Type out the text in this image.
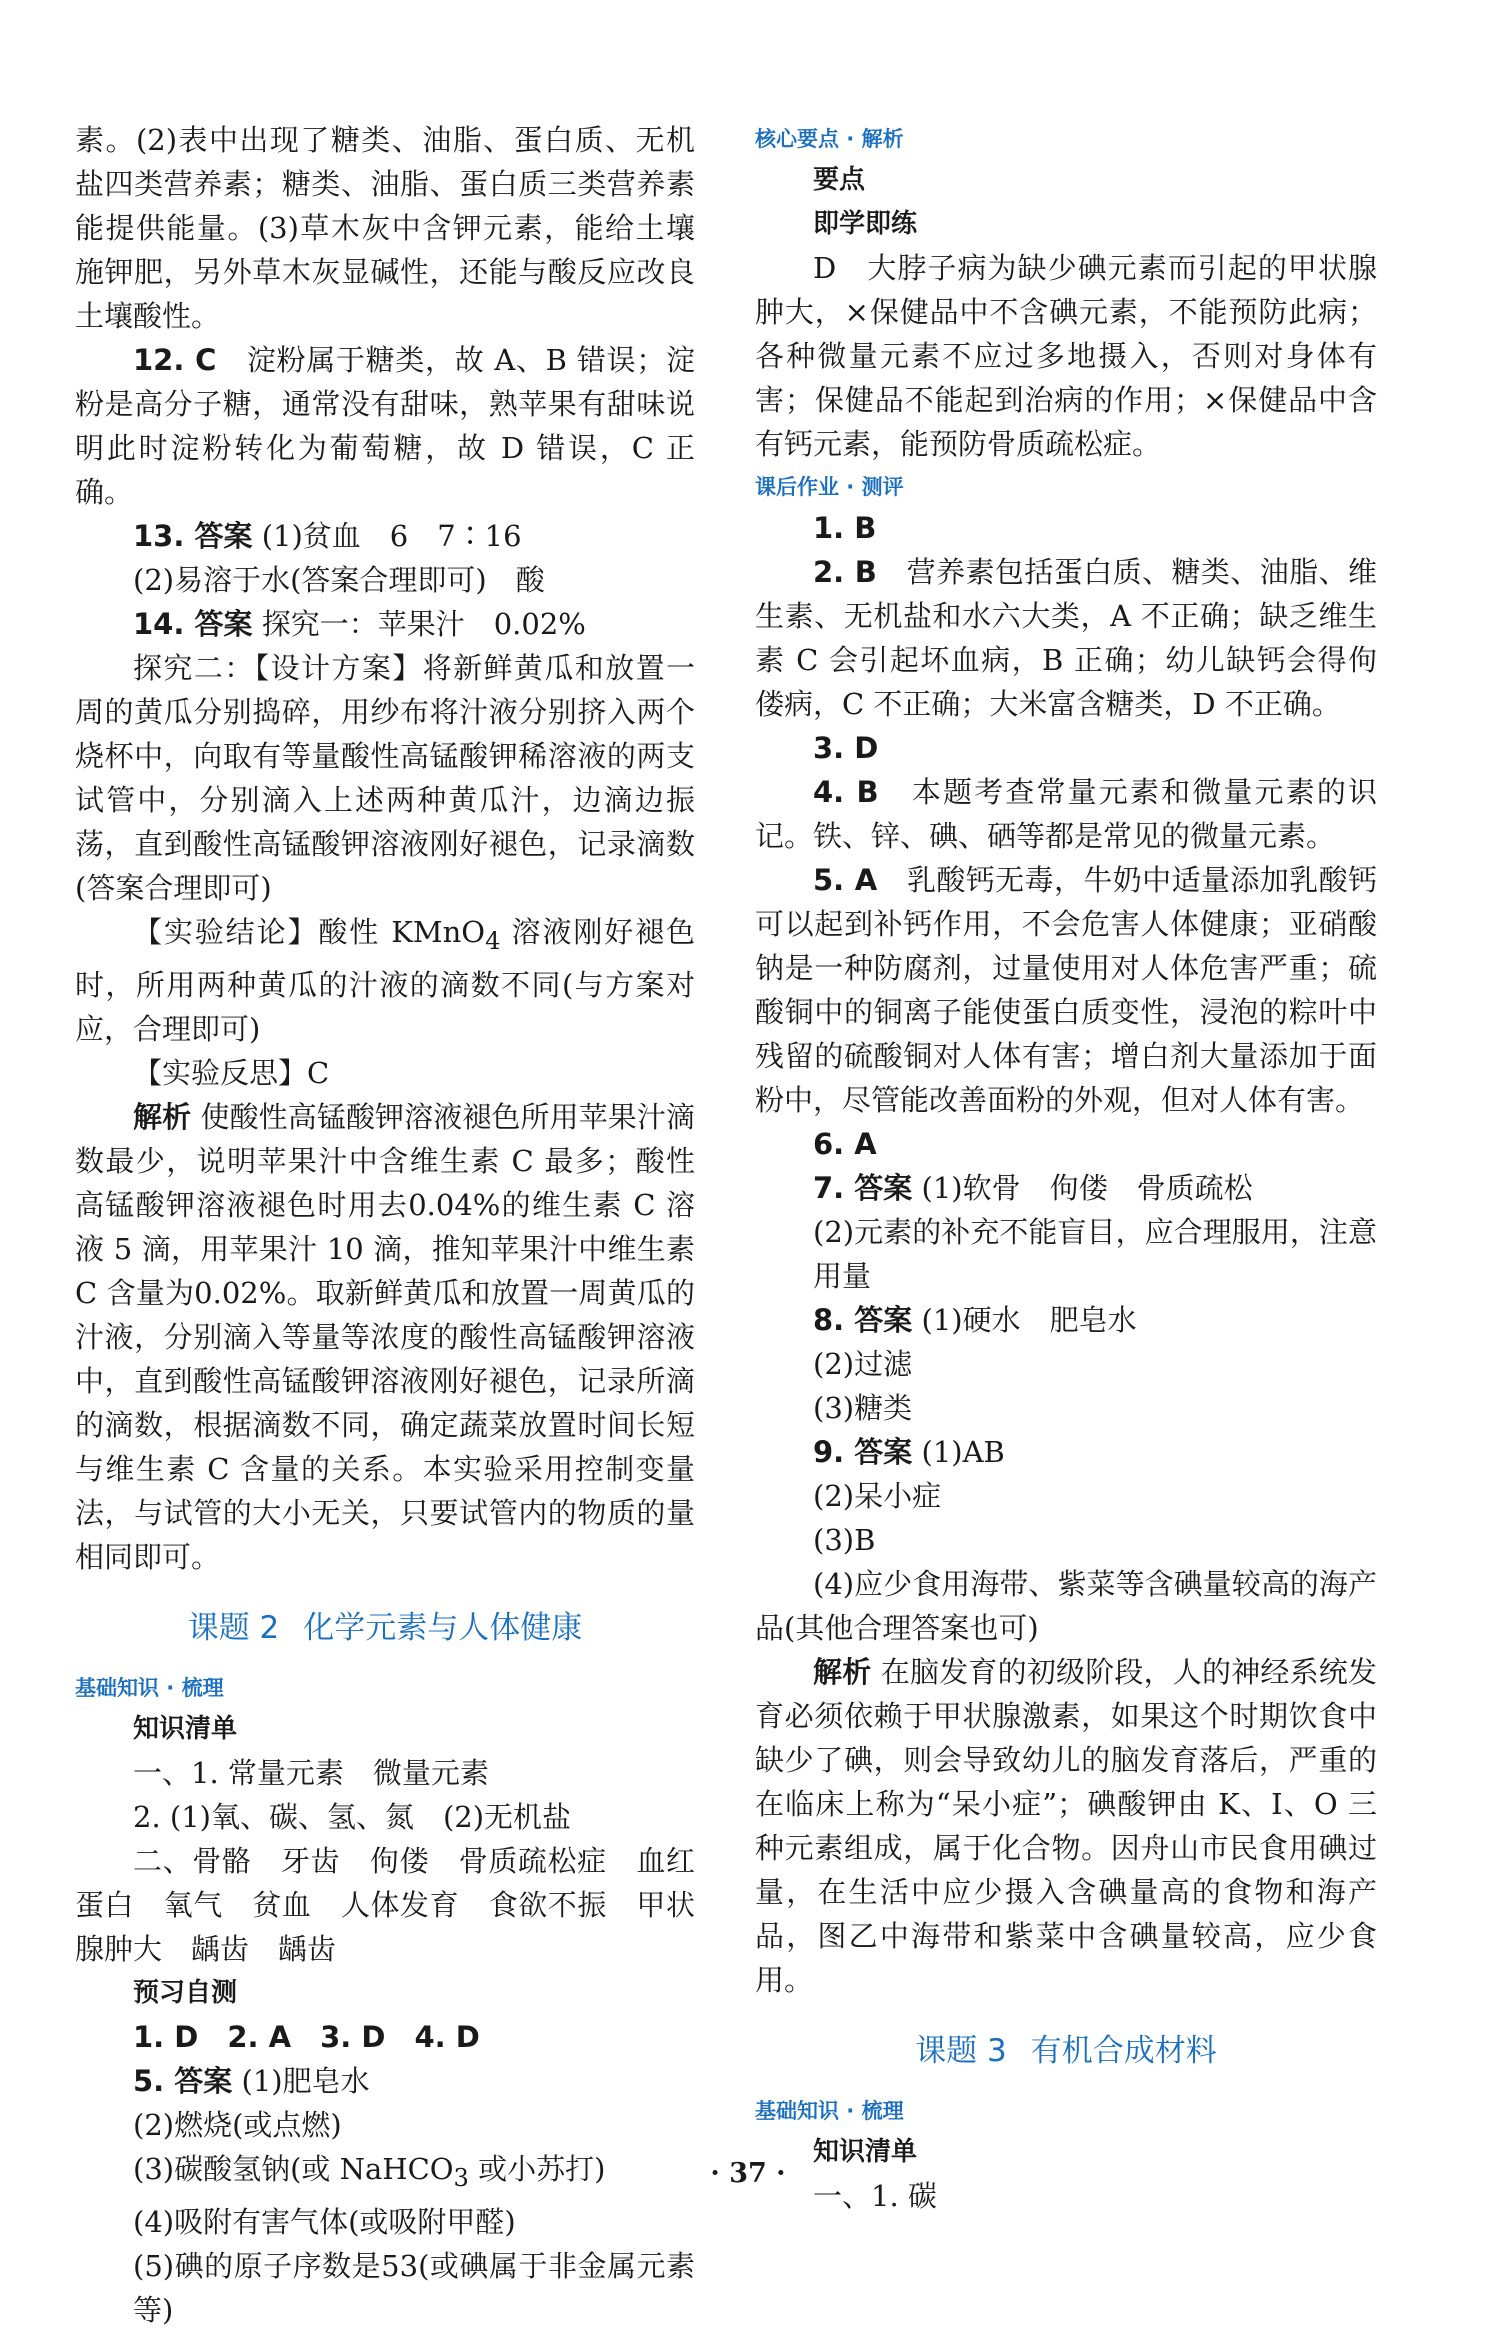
素。(2)表中出现了糖类、油脂、蛋白质、无机盐四类营养素；糖类、油脂、蛋白质三类营养素能提供能量。(3)草木灰中含钾元素，能给土壤施钾肥，另外草木灰显碱性，还能与酸反应改良土壤酸性。

12. C　 淀粉属于糖类，故 A、B 错误；淀粉是高分子糖，通常没有甜味，熟苹果有甜味说明此时淀粉转化为葡萄糖，故 D 错误，C 正确。

13. 答案 (1)贫血　6　7∶16

(2)易溶于水(答案合理即可)　酸

14. 答案 探究一：苹果汁　0.02%

探究二：【设计方案】将新鲜黄瓜和放置一周的黄瓜分别捣碎，用纱布将汁液分别挤入两个烧杯中，向取有等量酸性高锰酸钾稀溶液的两支试管中，分别滴入上述两种黄瓜汁，边滴边振荡，直到酸性高锰酸钾溶液刚好褪色，记录滴数(答案合理即可)

【实验结论】酸性 KMnO$_4$ 溶液刚好褪色时，所用两种黄瓜的汁液的滴数不同(与方案对应，合理即可)

【实验反思】C

解析 使酸性高锰酸钾溶液褪色所用苹果汁滴数最少，说明苹果汁中含维生素 C 最多；酸性高锰酸钾溶液褪色时用去0.04%的维生素 C 溶液 5 滴，用苹果汁 10 滴，推知苹果汁中维生素 C 含量为0.02%。取新鲜黄瓜和放置一周黄瓜的汁液，分别滴入等量等浓度的酸性高锰酸钾溶液中，直到酸性高锰酸钾溶液刚好褪色，记录所滴的滴数，根据滴数不同，确定蔬菜放置时间长短与维生素 C 含量的关系。本实验采用控制变量法，与试管的大小无关，只要试管内的物质的量相同即可。

课题 2 化学元素与人体健康
基础知识 · 梳理
知识清单

一、1. 常量元素　微量元素

2. (1)氧、碳、氢、氮　(2)无机盐

二、骨骼　牙齿　佝偻　骨质疏松症　血红蛋白　氧气　贫血　人体发育　食欲不振　甲状腺肿大　龋齿　龋齿

预习自测

1. D　2. A　3. D　4. D

5. 答案 (1)肥皂水

(2)燃烧(或点燃)

(3)碳酸氢钠(或 NaHCO$_3$ 或小苏打)

(4)吸附有害气体(或吸附甲醛)

(5)碘的原子序数是53(或碘属于非金属元素等)

核心要点 · 解析
要点
即学即练

D　大脖子病为缺少碘元素而引起的甲状腺肿大，×保健品中不含碘元素，不能预防此病；各种微量元素不应过多地摄入，否则对身体有害；保健品不能起到治病的作用；×保健品中含有钙元素，能预防骨质疏松症。

课后作业 · 测评

1. B

2. B　 营养素包括蛋白质、糖类、油脂、维生素、无机盐和水六大类，A 不正确；缺乏维生素 C 会引起坏血病，B 正确；幼儿缺钙会得佝偻病，C 不正确；大米富含糖类，D 不正确。

3. D

4. B　 本题考查常量元素和微量元素的识记。铁、锌、碘、硒等都是常见的微量元素。

5. A　 乳酸钙无毒，牛奶中适量添加乳酸钙可以起到补钙作用，不会危害人体健康；亚硝酸钠是一种防腐剂，过量使用对人体危害严重；硫酸铜中的铜离子能使蛋白质变性，浸泡的粽叶中残留的硫酸铜对人体有害；增白剂大量添加于面粉中，尽管能改善面粉的外观，但对人体有害。

6. A

7. 答案 (1)软骨　佝偻　骨质疏松

(2)元素的补充不能盲目，应合理服用，注意用量

8. 答案 (1)硬水　肥皂水

(2)过滤

(3)糖类

9. 答案 (1)AB

(2)呆小症

(3)B

(4)应少食用海带、紫菜等含碘量较高的海产品(其他合理答案也可)

解析 在脑发育的初级阶段，人的神经系统发育必须依赖于甲状腺激素，如果这个时期饮食中缺少了碘，则会导致幼儿的脑发育落后，严重的在临床上称为“呆小症”；碘酸钾由 K、I、O 三种元素组成，属于化合物。因舟山市民食用碘过量，在生活中应少摄入含碘量高的食物和海产品，图乙中海带和紫菜中含碘量较高，应少食用。

课题 3 有机合成材料
基础知识 · 梳理
知识清单

一、1. 碳

· 37 ·
